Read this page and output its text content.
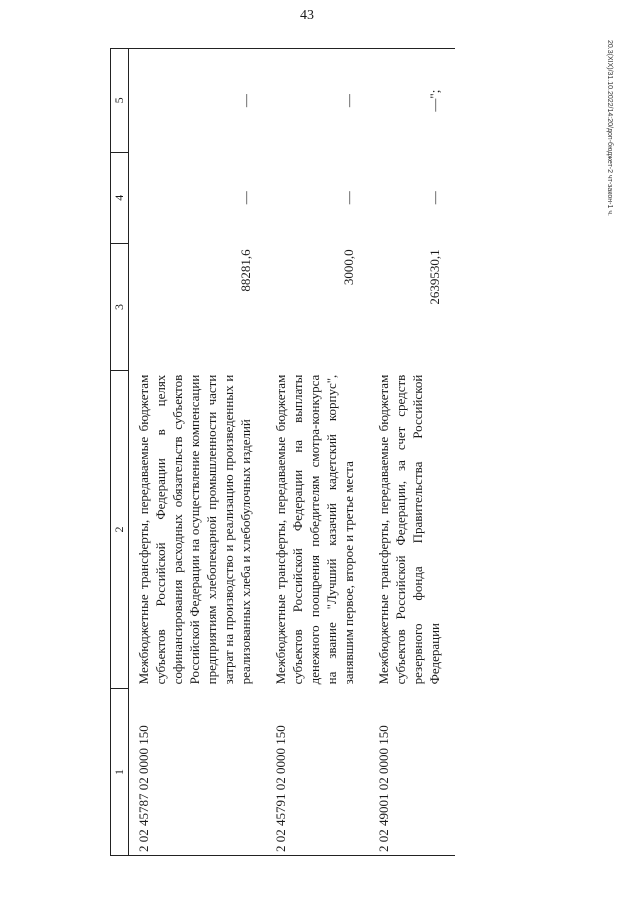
43
20.3(XIX)/31.10.2022/14:20/доп-бюджет-2 чт-закон-1 ч.
1	2	3	4	5
2 02 45787 02 0000 150	Межбюджетные трансферты, передаваемые бюджетам субъектов Российской Федерации в целях софинансирования расходных обязательств субъектов Российской Федерации на осуществление компенсации предприятиям хлебопекарной промышленности части затрат на производство и реализацию произведенных и реализованных хлеба и хлебобулочных изделий	88281,6	—	—
2 02 45791 02 0000 150	Межбюджетные трансферты, передаваемые бюджетам субъектов Российской Федерации на выплаты денежного поощрения победителям смотра-конкурса на звание "Лучший казачий кадетский корпус", занявшим первое, второе и третье места	3000,0	—	—
2 02 49001 02 0000 150	Межбюджетные трансферты, передаваемые бюджетам субъектов Российской Федерации, за счет средств резервного фонда Правительства Российской Федерации	2639530,1	—	—";
